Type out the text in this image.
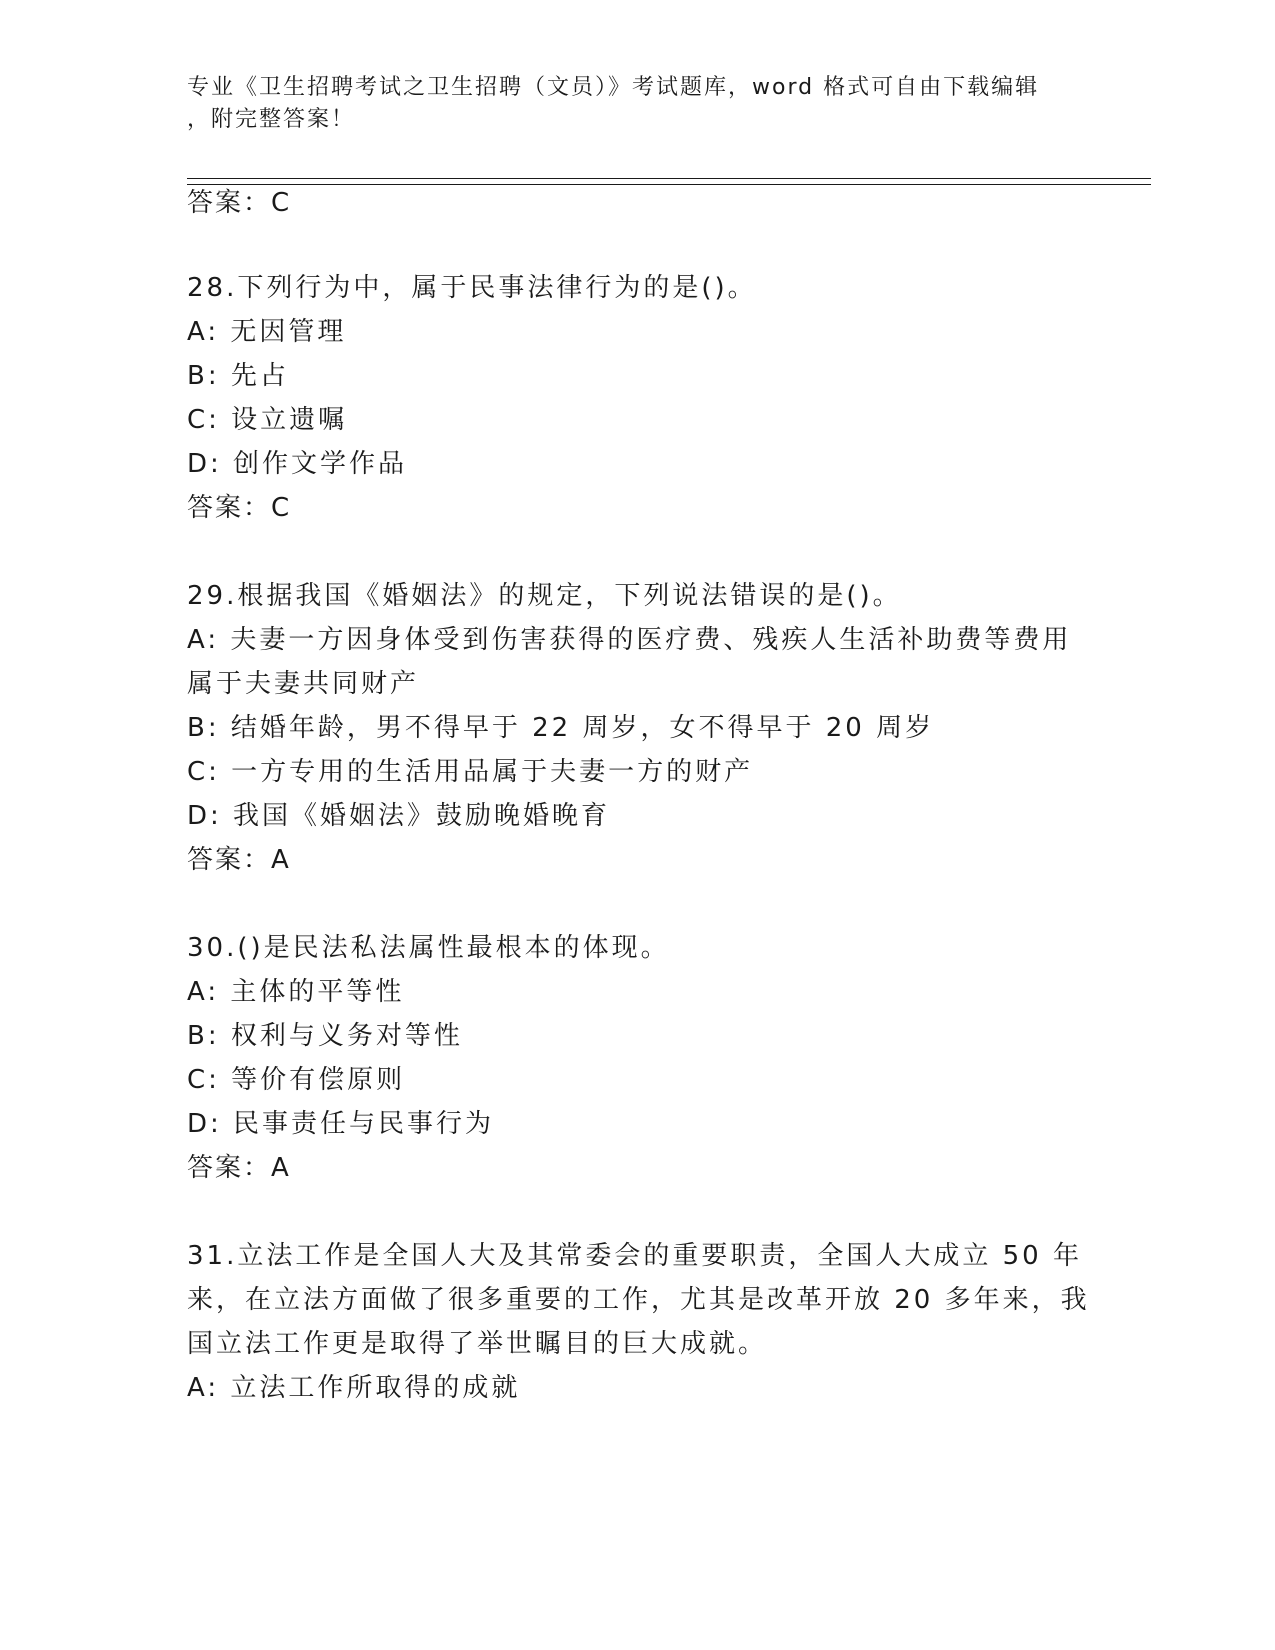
专业《卫生招聘考试之卫生招聘（文员）》考试题库，word 格式可自由下载编辑
，附完整答案！
答案：C
28.下列行为中，属于民事法律行为的是()。
A: 无因管理
B: 先占
C: 设立遗嘱
D: 创作文学作品
答案：C
29.根据我国《婚姻法》的规定，下列说法错误的是()。
A: 夫妻一方因身体受到伤害获得的医疗费、残疾人生活补助费等费用
属于夫妻共同财产
B: 结婚年龄，男不得早于 22 周岁，女不得早于 20 周岁
C: 一方专用的生活用品属于夫妻一方的财产
D: 我国《婚姻法》鼓励晚婚晚育
答案：A
30.()是民法私法属性最根本的体现。
A: 主体的平等性
B: 权利与义务对等性
C: 等价有偿原则
D: 民事责任与民事行为
答案：A
31.立法工作是全国人大及其常委会的重要职责，全国人大成立 50 年
来，在立法方面做了很多重要的工作，尤其是改革开放 20 多年来，我
国立法工作更是取得了举世瞩目的巨大成就。
A: 立法工作所取得的成就
